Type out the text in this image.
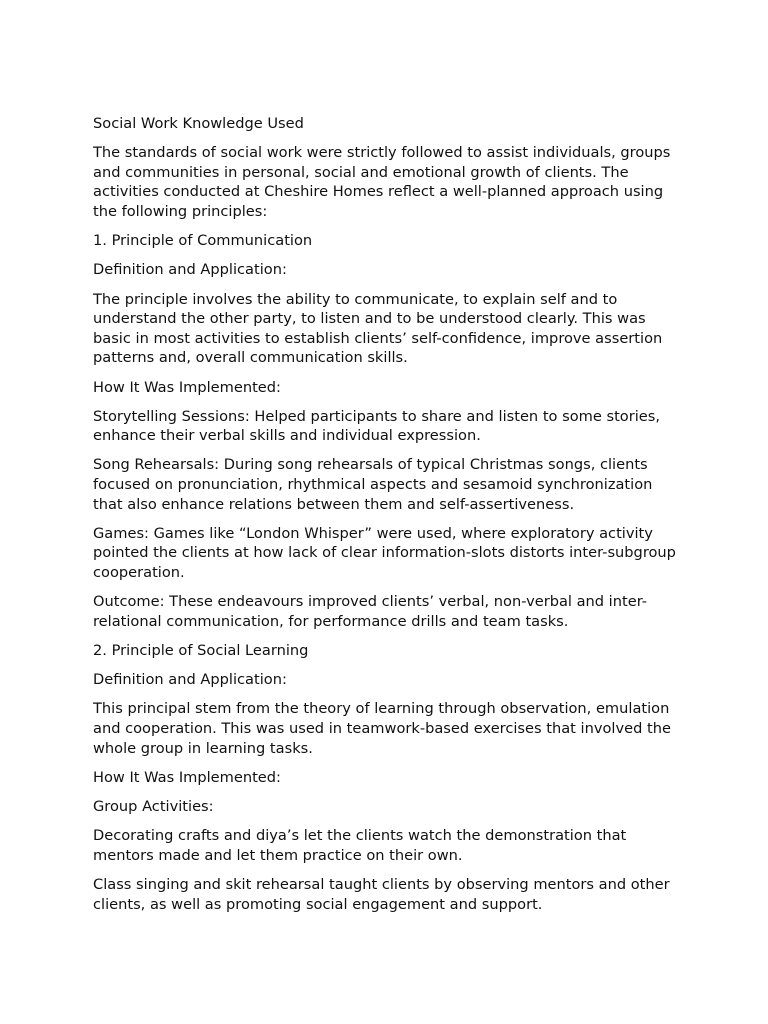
Social Work Knowledge Used

The standards of social work were strictly followed to assist individuals, groups and communities in personal, social and emotional growth of clients. The activities conducted at Cheshire Homes reflect a well-planned approach using the following principles:

1. Principle of Communication

Definition and Application:

The principle involves the ability to communicate, to explain self and to understand the other party, to listen and to be understood clearly. This was basic in most activities to establish clients’ self-confidence, improve assertion patterns and, overall communication skills.

How It Was Implemented:

Storytelling Sessions: Helped participants to share and listen to some stories, enhance their verbal skills and individual expression.

Song Rehearsals: During song rehearsals of typical Christmas songs, clients focused on pronunciation, rhythmical aspects and sesamoid synchronization that also enhance relations between them and self-assertiveness.

Games: Games like “London Whisper” were used, where exploratory activity pointed the clients at how lack of clear information-slots distorts inter-subgroup cooperation.

Outcome: These endeavours improved clients’ verbal, non-verbal and inter-relational communication, for performance drills and team tasks.

2. Principle of Social Learning

Definition and Application:

This principal stem from the theory of learning through observation, emulation and cooperation. This was used in teamwork-based exercises that involved the whole group in learning tasks.

How It Was Implemented:

Group Activities:

Decorating crafts and diya’s let the clients watch the demonstration that mentors made and let them practice on their own.

Class singing and skit rehearsal taught clients by observing mentors and other clients, as well as promoting social engagement and support.
